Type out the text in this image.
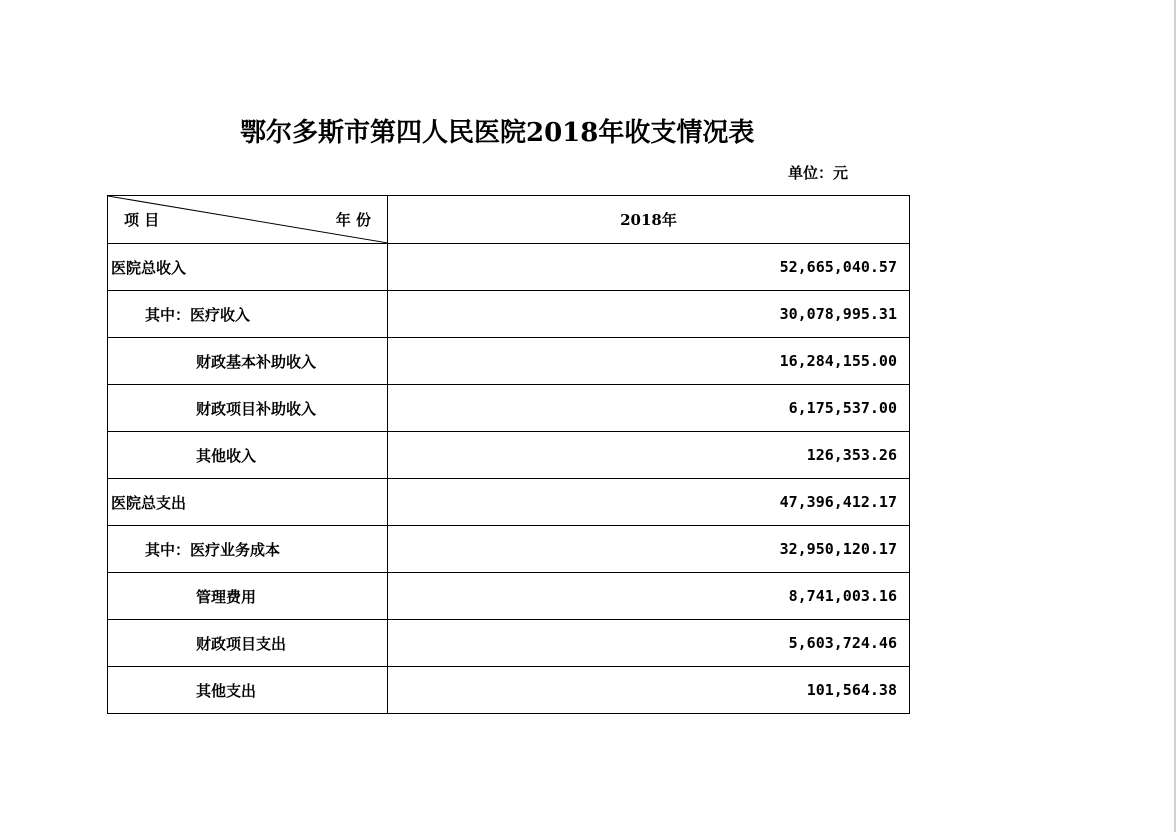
鄂尔多斯市第四人民医院2018年收支情况表
单位：元
项 目 年 份	2018年
医院总收入	52,665,040.57
其中：医疗收入	30,078,995.31
财政基本补助收入	16,284,155.00
财政项目补助收入	6,175,537.00
其他收入	126,353.26
医院总支出	47,396,412.17
其中：医疗业务成本	32,950,120.17
管理费用	8,741,003.16
财政项目支出	5,603,724.46
其他支出	101,564.38
